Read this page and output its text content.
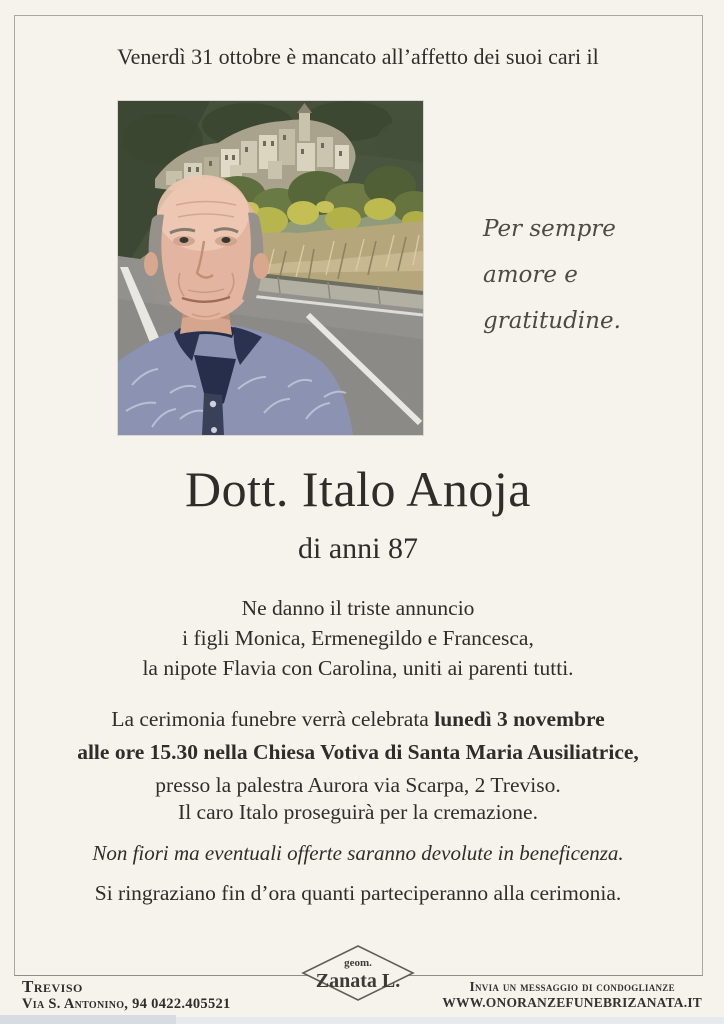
Venerdì 31 ottobre è mancato all’affetto dei suoi cari il
Per sempre
amore e
gratitudine.
Dott. Italo Anoja
di anni 87
Ne danno il triste annuncio
i figli Monica, Ermenegildo e Francesca,
la nipote Flavia con Carolina, uniti ai parenti tutti.
La cerimonia funebre verrà celebrata lunedì 3 novembre
alle ore 15.30 nella Chiesa Votiva di Santa Maria Ausiliatrice,
presso la palestra Aurora via Scarpa, 2 Treviso.
Il caro Italo proseguirà per la cremazione.
Non fiori ma eventuali offerte saranno devolute in beneficenza.
Si ringraziano fin d’ora quanti parteciperanno alla cerimonia.
Treviso
Via S. Antonino, 94 0422.405521
geom.
Zanata L.	Invia un messaggio di condoglianze
WWW.ONORANZEFUNEBRIZANATA.IT
